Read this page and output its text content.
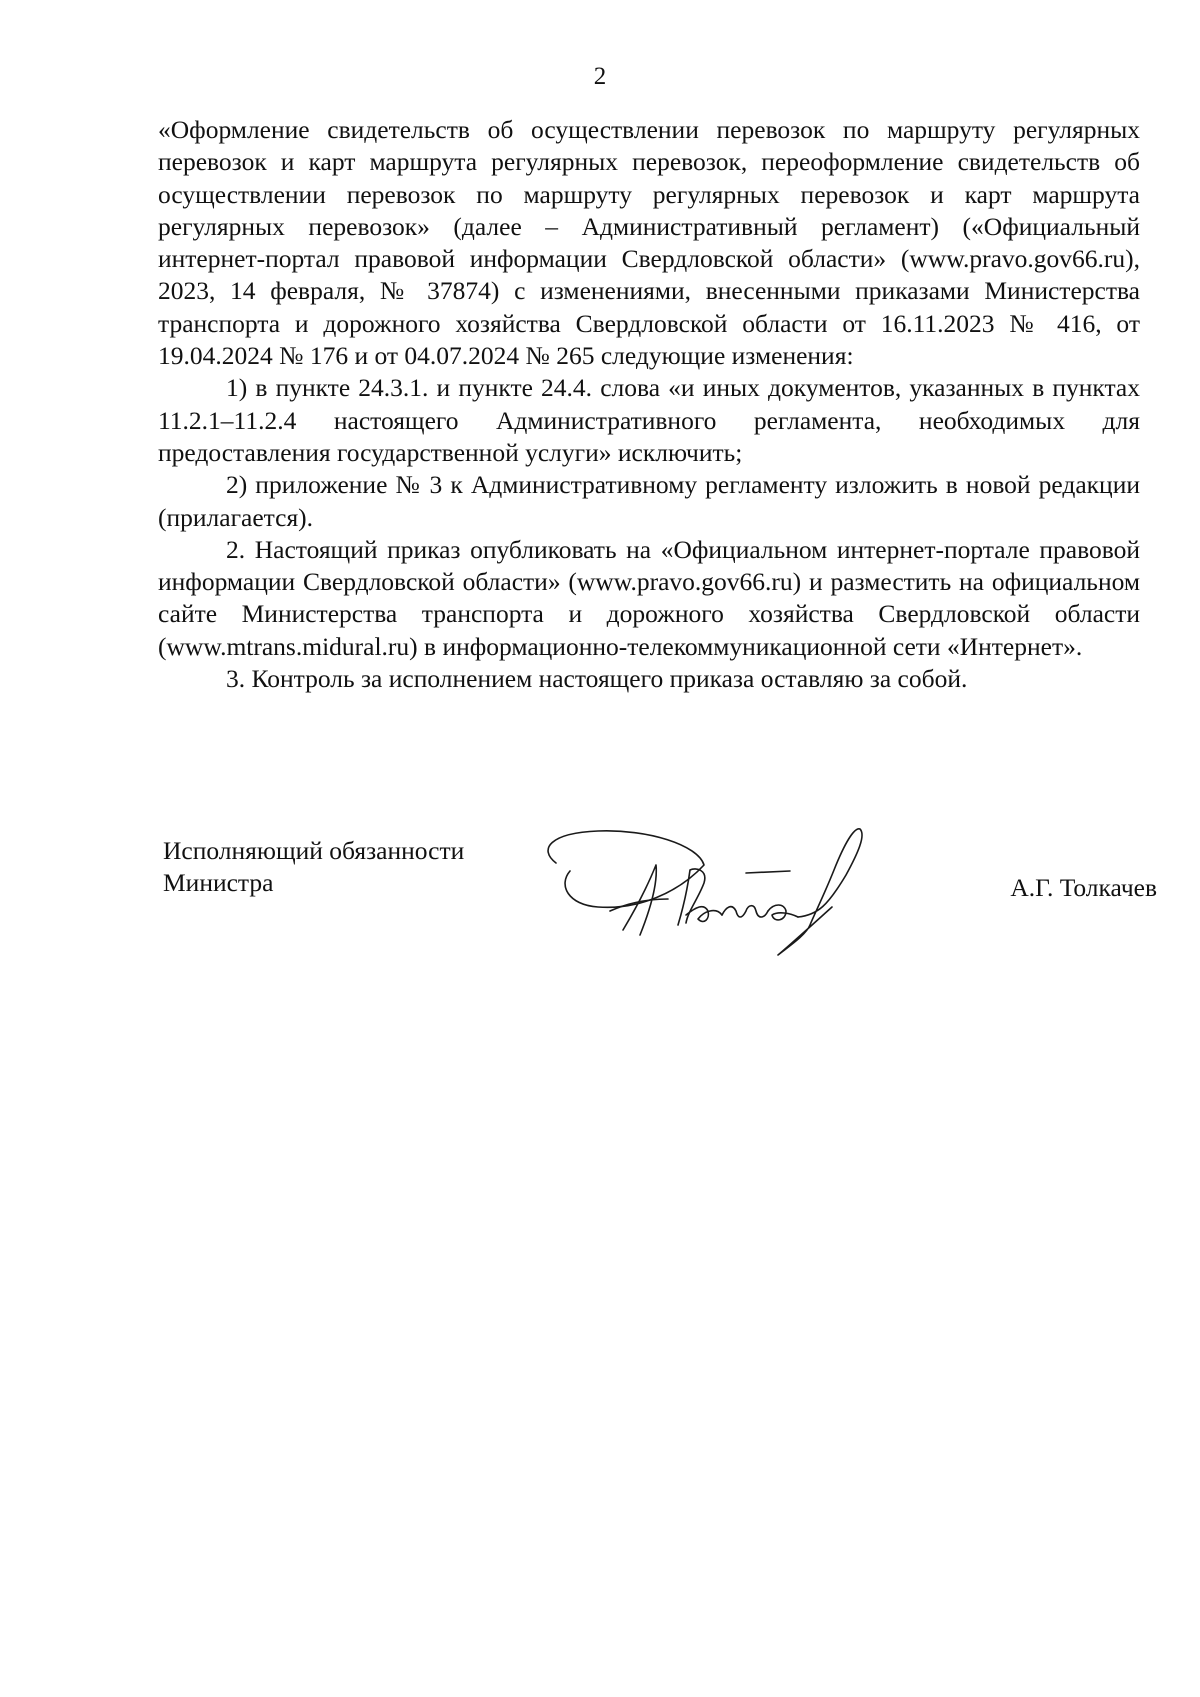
2

«Оформление свидетельств об осуществлении перевозок по маршруту регулярных перевозок и карт маршрута регулярных перевозок, переоформление свидетельств об осуществлении перевозок по маршруту регулярных перевозок и карт маршрута регулярных перевозок» (далее – Административный регламент) («Официальный интернет-портал правовой информации Свердловской области» (www.pravo.gov66.ru), 2023, 14 февраля, № 37874) с изменениями, внесенными приказами Министерства транспорта и дорожного хозяйства Свердловской области от 16.11.2023 № 416, от 19.04.2024 № 176 и от 04.07.2024 № 265 следующие изменения:

1) в пункте 24.3.1. и пункте 24.4. слова «и иных документов, указанных в пунктах 11.2.1–11.2.4 настоящего Административного регламента, необходимых для предоставления государственной услуги» исключить;

2) приложение № 3 к Административному регламенту изложить в новой редакции (прилагается).

2. Настоящий приказ опубликовать на «Официальном интернет-портале правовой информации Свердловской области» (www.pravo.gov66.ru) и разместить на официальном сайте Министерства транспорта и дорожного хозяйства Свердловской области (www.mtrans.midural.ru) в информационно-телекоммуникационной сети «Интернет».

3. Контроль за исполнением настоящего приказа оставляю за собой.

Исполняющий обязанности
Министра	А.Г. Толкачев
